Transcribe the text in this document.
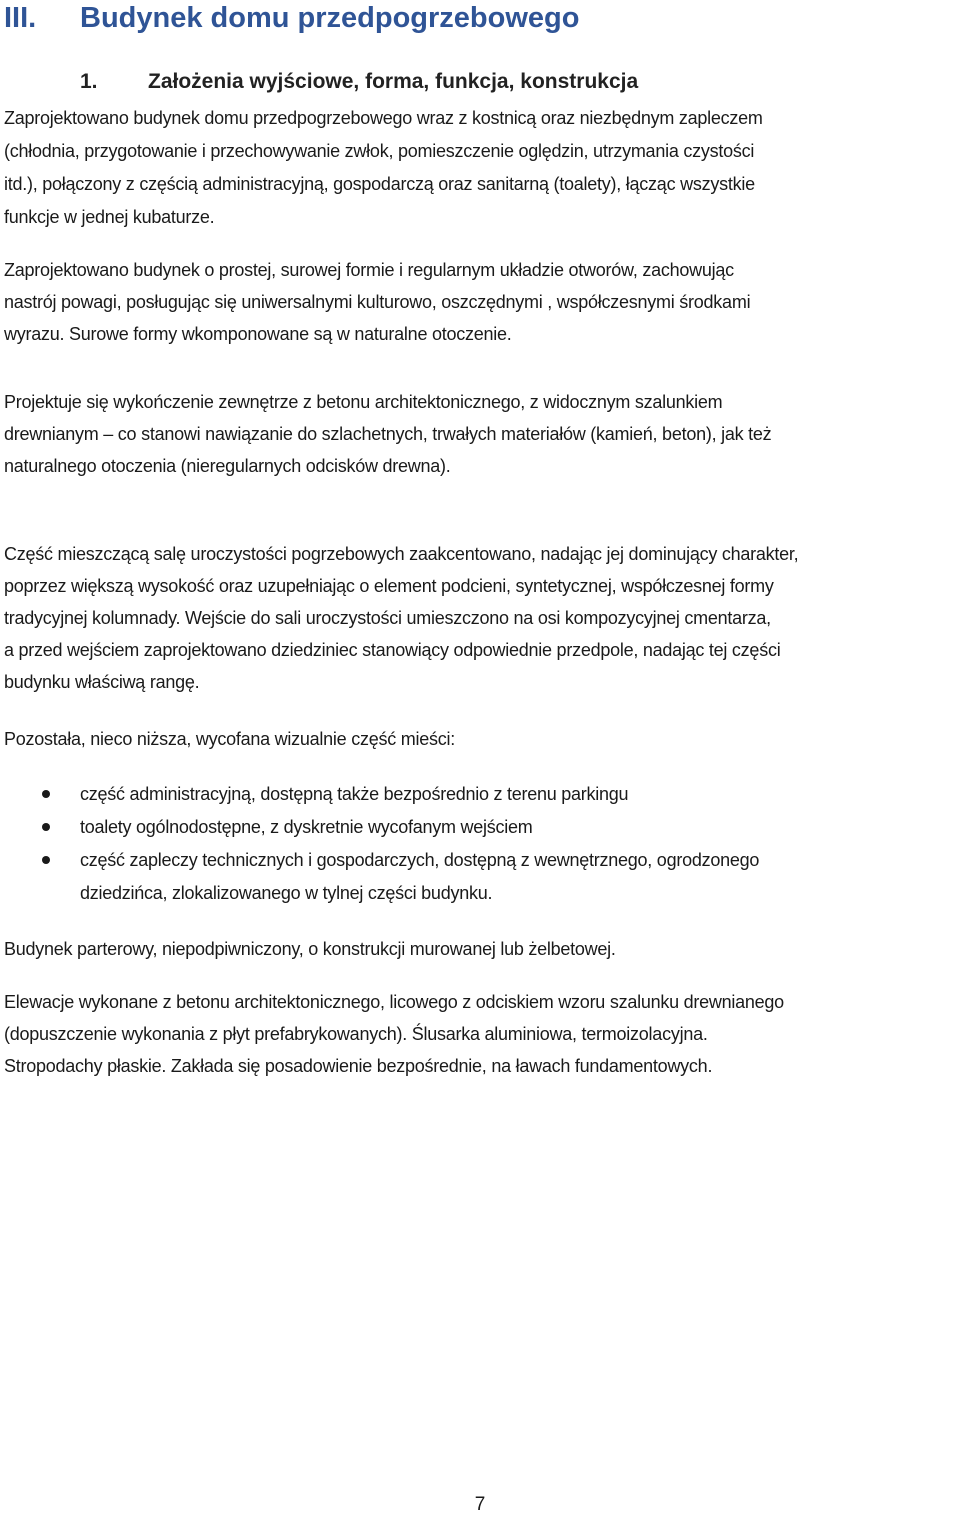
III. Budynek domu przedpogrzebowego
1. Założenia wyjściowe, forma, funkcja, konstrukcja

Zaprojektowano budynek domu przedpogrzebowego wraz z kostnicą oraz niezbędnym zapleczem
(chłodnia, przygotowanie i przechowywanie zwłok, pomieszczenie oględzin, utrzymania czystości
itd.), połączony z częścią administracyjną, gospodarczą oraz sanitarną (toalety), łącząc wszystkie
funkcje w jednej kubaturze.

Zaprojektowano budynek o prostej, surowej formie i regularnym układzie otworów, zachowując
nastrój powagi, posługując się uniwersalnymi kulturowo, oszczędnymi , współczesnymi środkami
wyrazu. Surowe formy wkomponowane są w naturalne otoczenie.

Projektuje się wykończenie zewnętrze z betonu architektonicznego, z widocznym szalunkiem
drewnianym – co stanowi nawiązanie do szlachetnych, trwałych materiałów (kamień, beton), jak też
naturalnego otoczenia (nieregularnych odcisków drewna).

Część mieszczącą salę uroczystości pogrzebowych zaakcentowano, nadając jej dominujący charakter,
poprzez większą wysokość oraz uzupełniając o element podcieni, syntetycznej, współczesnej formy
tradycyjnej kolumnady. Wejście do sali uroczystości umieszczono na osi kompozycyjnej cmentarza,
a przed wejściem zaprojektowano dziedziniec stanowiący odpowiednie przedpole, nadając tej części
budynku właściwą rangę.

Pozostała, nieco niższa, wycofana wizualnie część mieści:

część administracyjną, dostępną także bezpośrednio z terenu parkingu
toalety ogólnodostępne, z dyskretnie wycofanym wejściem
część zapleczy technicznych i gospodarczych, dostępną z wewnętrznego, ogrodzonego
dziedzińca, zlokalizowanego w tylnej części budynku.

Budynek parterowy, niepodpiwniczony, o konstrukcji murowanej lub żelbetowej.

Elewacje wykonane z betonu architektonicznego, licowego z odciskiem wzoru szalunku drewnianego
(dopuszczenie wykonania z płyt prefabrykowanych). Ślusarka aluminiowa, termoizolacyjna.
Stropodachy płaskie. Zakłada się posadowienie bezpośrednie, na ławach fundamentowych.

7
